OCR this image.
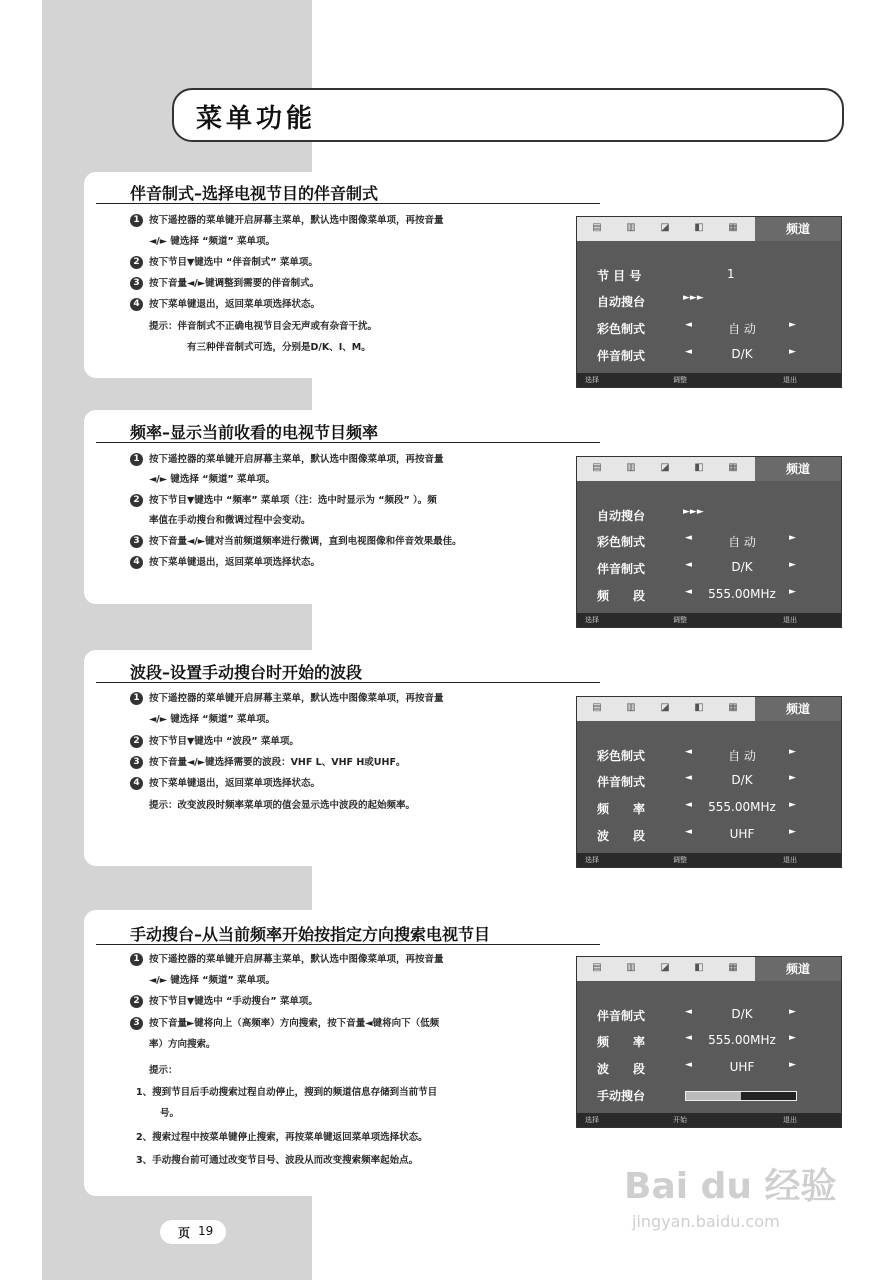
菜单功能
伴音制式–选择电视节目的伴音制式
1 按下遥控器的菜单键开启屏幕主菜单，默认选中图像菜单项，再按音量
◄/► 键选择 “频道” 菜单项。
2 按下节目▼键选中 “伴音制式” 菜单项。
3 按下音量◄/►键调整到需要的伴音制式。
4 按下菜单键退出，返回菜单项选择状态。
提示：伴音制式不正确电视节目会无声或有杂音干扰。
有三种伴音制式可选，分别是D/K、I、M。
▤	▥	◪	◧	▦	频道
节 目 号	1
自动搜台	►►►
彩色制式	◄	自 动	►
伴音制式	◄	D/K	►
选择	调整	退出
频率–显示当前收看的电视节目频率
1 按下遥控器的菜单键开启屏幕主菜单，默认选中图像菜单项，再按音量
◄/► 键选择 “频道” 菜单项。
2 按下节目▼键选中 “频率” 菜单项（注：选中时显示为 “频段” ）。频
率值在手动搜台和微调过程中会变动。
3 按下音量◄/►键对当前频道频率进行微调，直到电视图像和伴音效果最佳。
4 按下菜单键退出，返回菜单项选择状态。
▤	▥	◪	◧	▦	频道
自动搜台	►►►
彩色制式	◄	自 动	►
伴音制式	◄	D/K	►
频　　段	◄	555.00MHz	►
选择	调整	退出
波段–设置手动搜台时开始的波段
1 按下遥控器的菜单键开启屏幕主菜单，默认选中图像菜单项，再按音量
◄/► 键选择 “频道” 菜单项。
2 按下节目▼键选中 “波段” 菜单项。
3 按下音量◄/►键选择需要的波段：VHF L、VHF H或UHF。
4 按下菜单键退出，返回菜单项选择状态。
提示：改变波段时频率菜单项的值会显示选中波段的起始频率。
▤	▥	◪	◧	▦	频道
彩色制式	◄	自 动	►
伴音制式	◄	D/K	►
频　　率	◄	555.00MHz	►
波　　段	◄	UHF	►
选择	调整	退出
手动搜台–从当前频率开始按指定方向搜索电视节目
1 按下遥控器的菜单键开启屏幕主菜单，默认选中图像菜单项，再按音量
◄/► 键选择 “频道” 菜单项。
2 按下节目▼键选中 “手动搜台” 菜单项。
3 按下音量►键将向上（高频率）方向搜索，按下音量◄键将向下（低频
率）方向搜索。
提示：
1、搜到节目后手动搜索过程自动停止，搜到的频道信息存储到当前节目
号。
2、搜索过程中按菜单键停止搜索，再按菜单键返回菜单项选择状态。
3、手动搜台前可通过改变节目号、波段从而改变搜索频率起始点。
▤	▥	◪	◧	▦	频道
伴音制式	◄	D/K	►
频　　率	◄	555.00MHz	►
波　　段	◄	UHF	►
手动搜台
选择	开始	退出
页 19
Bai du 经验
jingyan.baidu.com
